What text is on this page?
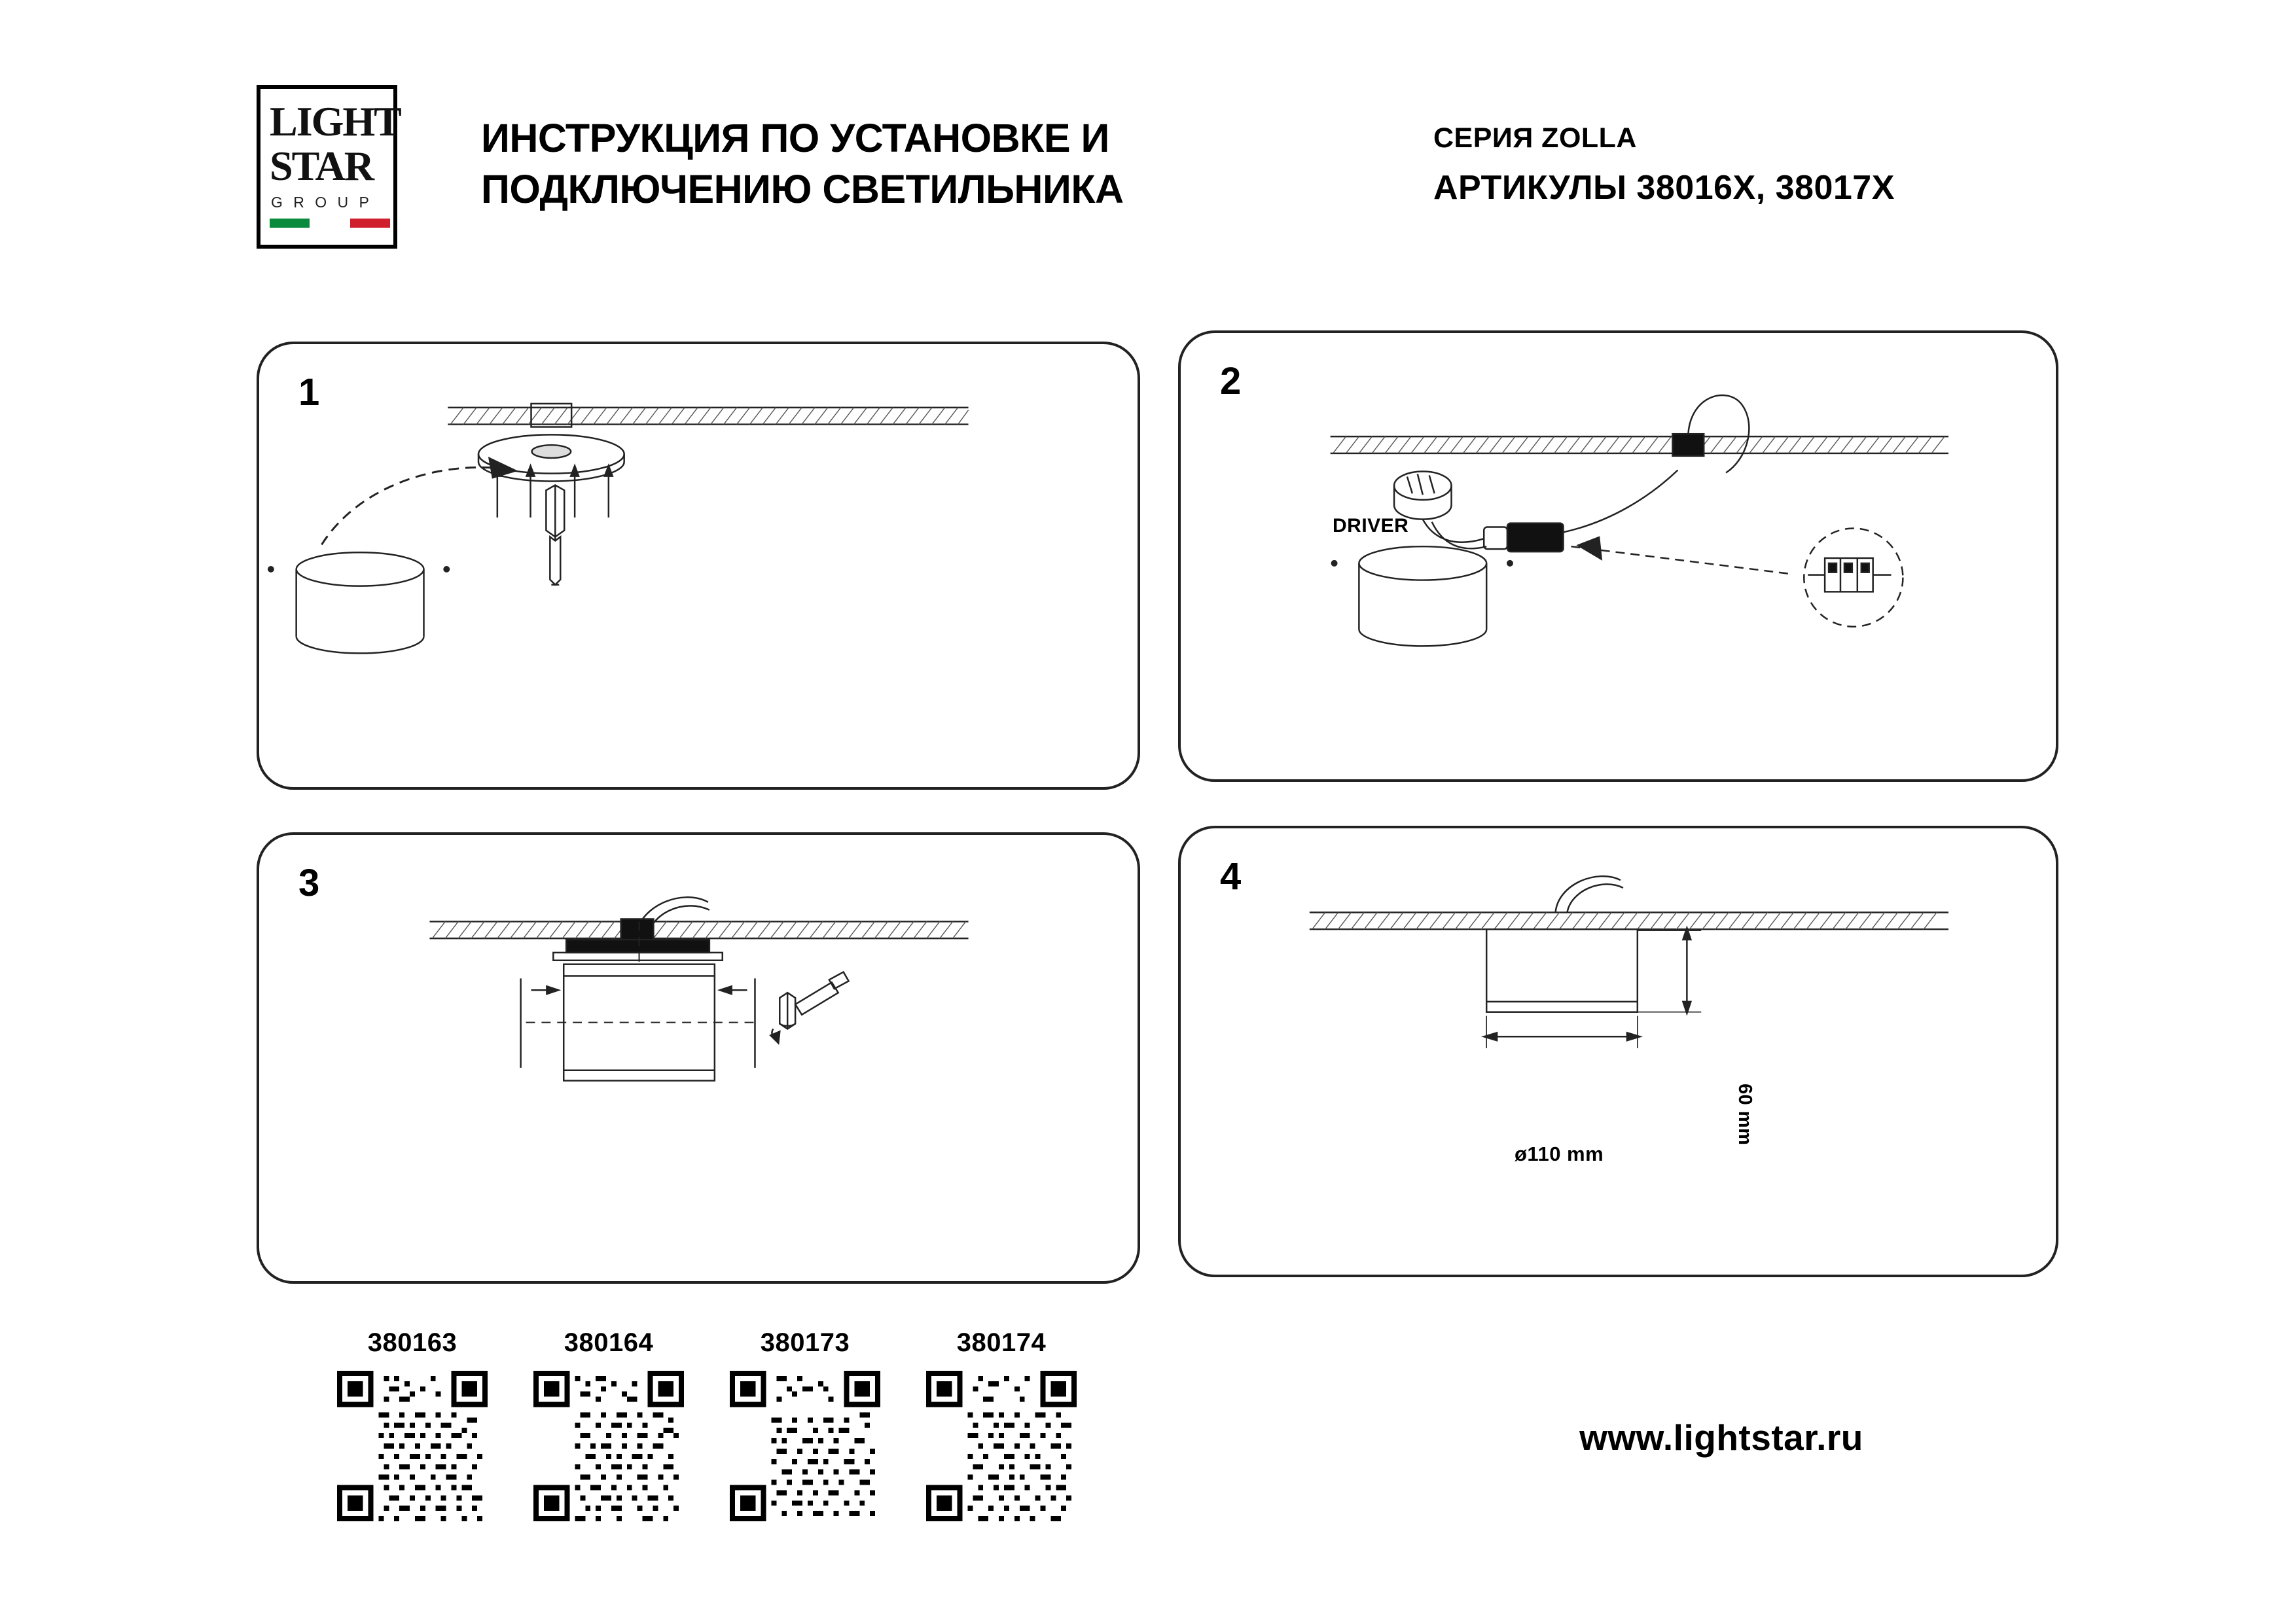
LIGHT
STAR
G R O U P
ИНСТРУКЦИЯ ПО УСТАНОВКЕ И
ПОДКЛЮЧЕНИЮ СВЕТИЛЬНИКА
СЕРИЯ ZOLLA
АРТИКУЛЫ 38016X, 38017X
1	2
DRIVER
3	4
60 mm
ø110 mm
380163	380164	380173	380174
www.lightstar.ru
